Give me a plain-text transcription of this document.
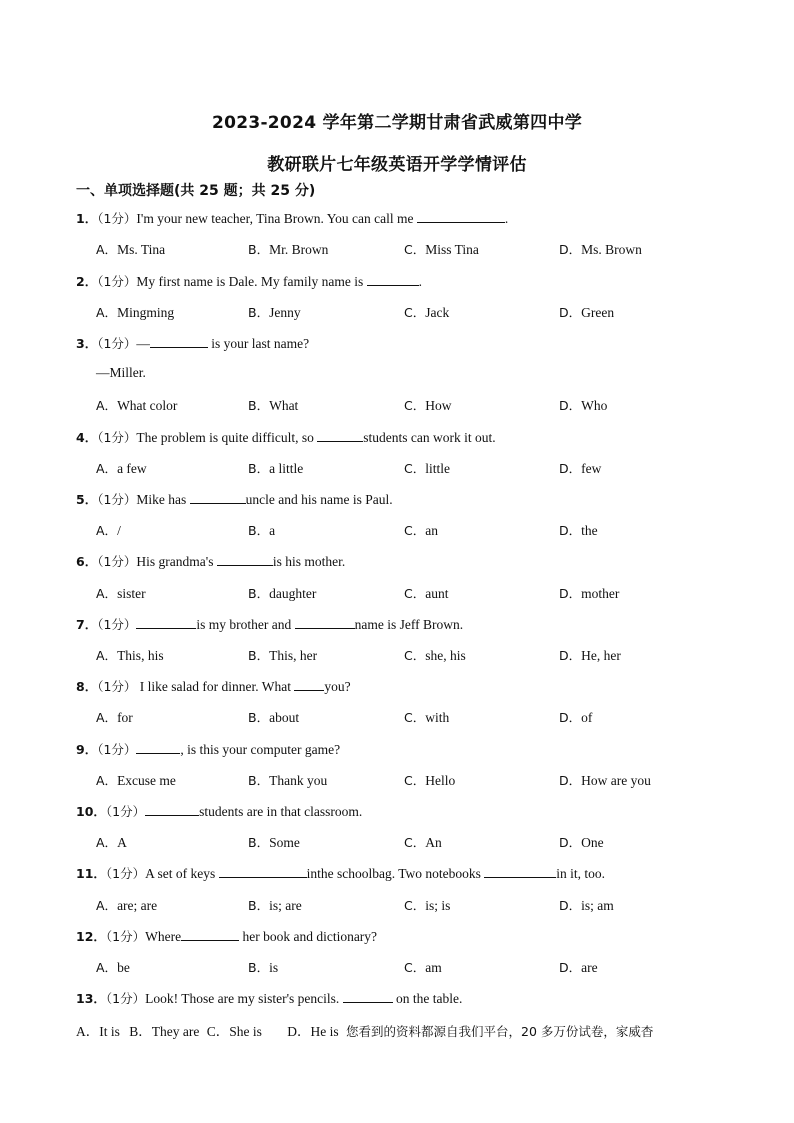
2023-2024 学年第二学期甘肃省武威第四中学
教研联片七年级英语开学学情评估
一、单项选择题(共 25 题；共 25 分)
1．（1分）I'm your new teacher, Tina Brown. You can call me	.
A．Ms. Tina	B．Mr. Brown	C．Miss Tina	D．Ms. Brown
2．（1分）My first name is Dale. My family name is	.
A．Mingming	B．Jenny	C．Jack	D．Green
3．（1分）—	is your last name?
—Miller.
A．What color	B．What	C．How	D．Who
4．（1分）The problem is quite difficult, so	students can work it out.
A．a few	B．a little	C．little	D．few
5．（1分）Mike has	uncle and his name is Paul.
A．/	B．a	C．an	D．the
6．（1分）His grandma's	is his mother.
A．sister	B．daughter	C．aunt	D．mother
7．（1分）	is my brother and	name is Jeff Brown.
A．This, his	B．This, her	C．she, his	D．He, her
8．（1分） I like salad for dinner. What you?
A．for	B．about	C．with	D．of
9．（1分）	, is this your computer game?
A．Excuse me	B．Thank you	C．Hello	D．How are you
10．（1分）	students are in that classroom.
A．A	B．Some	C．An	D．One
11．（1分）A set of keys	inthe schoolbag. Two notebooks	in it, too.
A．are; are	B．is; are	C．is; is	D．is; am
12．（1分）Where	her book and dictionary?
A．be	B．is	C．am	D．are
13．（1分）Look! Those are my sister's pencils.	on the table.
A．It is B．They are C．She is D．He is 您看到的资料都源自我们平台，20 多万份试卷，家威杳
